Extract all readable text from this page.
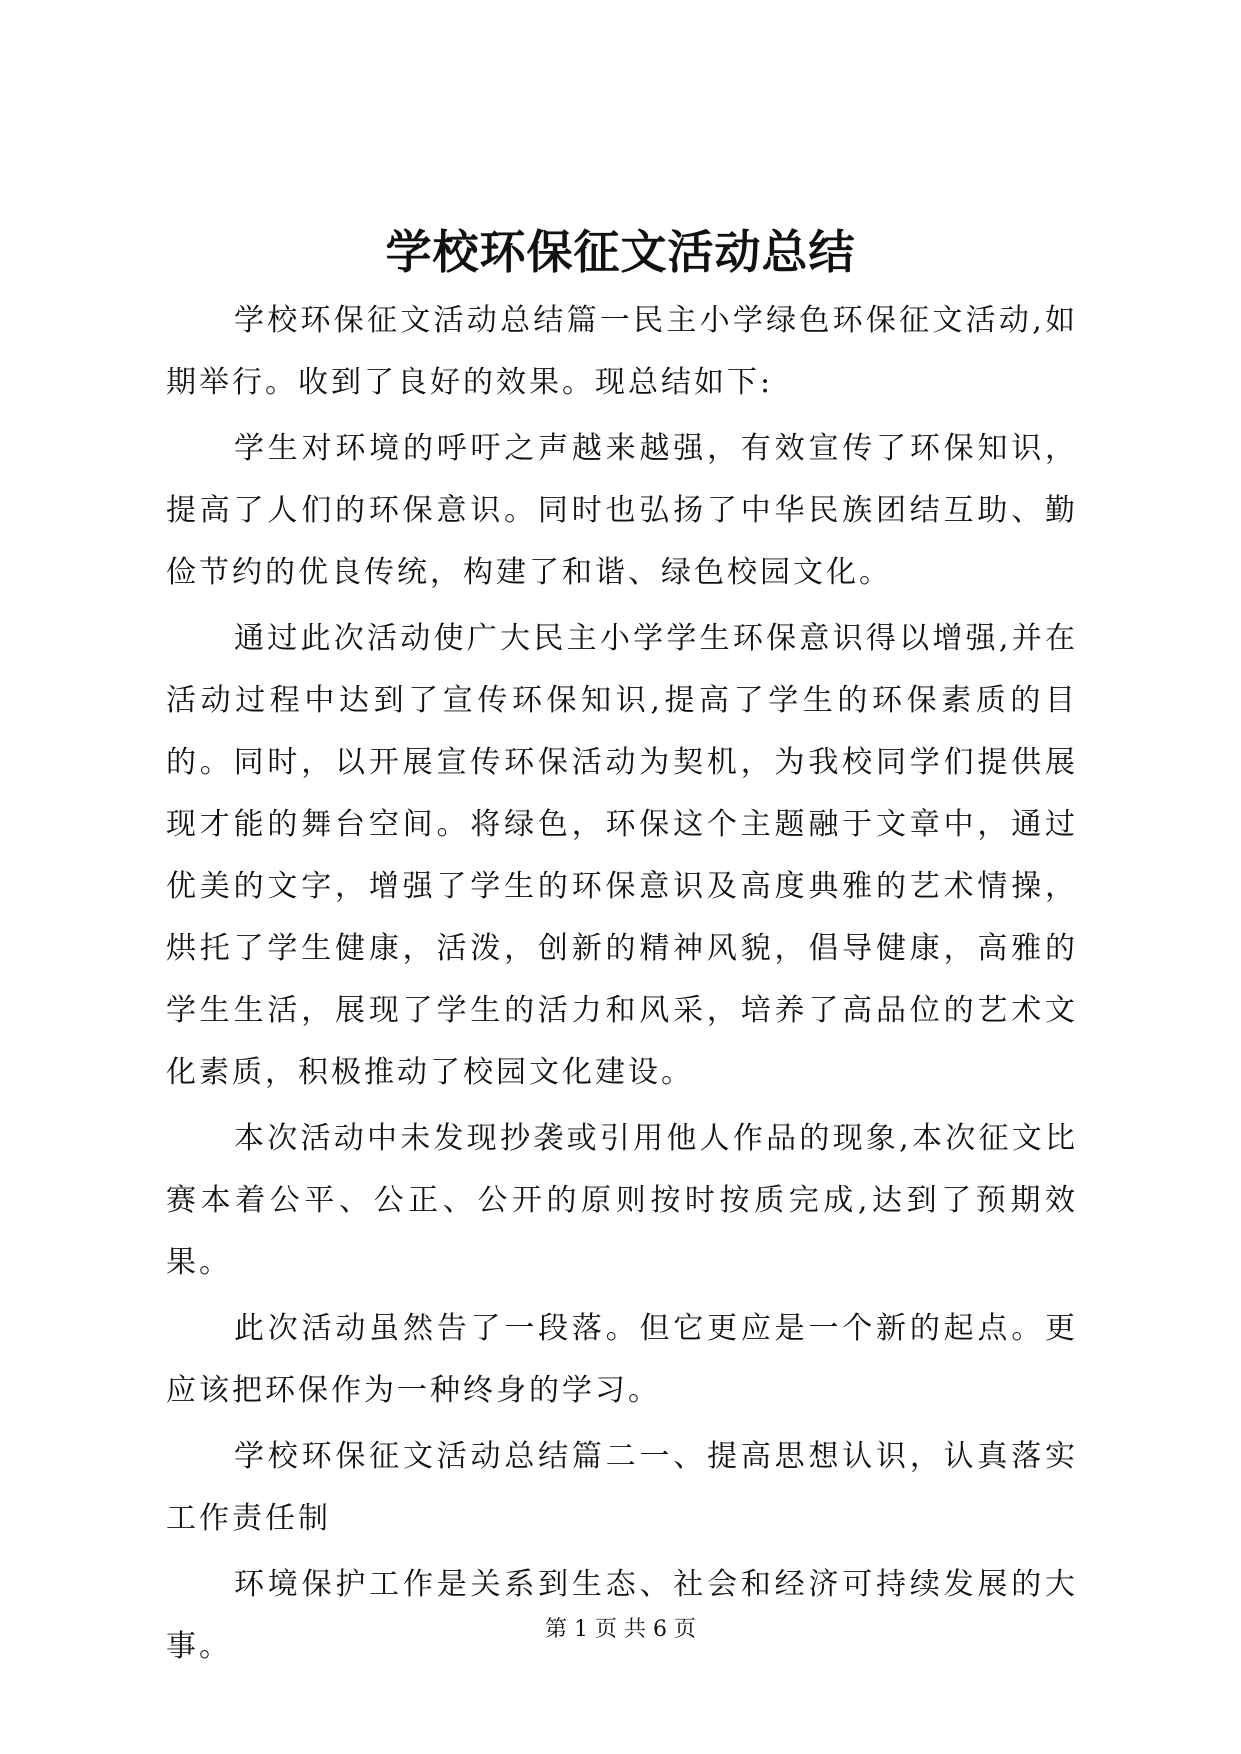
学校环保征文活动总结

学校环保征文活动总结篇一民主小学绿色环保征文活动,如期举行。收到了良好的效果。现总结如下:

学生对环境的呼吁之声越来越强，有效宣传了环保知识，提高了人们的环保意识。同时也弘扬了中华民族团结互助、勤俭节约的优良传统，构建了和谐、绿色校园文化。

通过此次活动使广大民主小学学生环保意识得以增强,并在活动过程中达到了宣传环保知识,提高了学生的环保素质的目的。同时，以开展宣传环保活动为契机，为我校同学们提供展现才能的舞台空间。将绿色，环保这个主题融于文章中，通过优美的文字，增强了学生的环保意识及高度典雅的艺术情操，烘托了学生健康，活泼，创新的精神风貌，倡导健康，高雅的学生生活，展现了学生的活力和风采，培养了高品位的艺术文化素质，积极推动了校园文化建设。

本次活动中未发现抄袭或引用他人作品的现象,本次征文比赛本着公平、公正、公开的原则按时按质完成,达到了预期效果。

此次活动虽然告了一段落。但它更应是一个新的起点。更应该把环保作为一种终身的学习。

学校环保征文活动总结篇二一、提高思想认识，认真落实工作责任制

环境保护工作是关系到生态、社会和经济可持续发展的大事。	第 1 页 共 6 页
